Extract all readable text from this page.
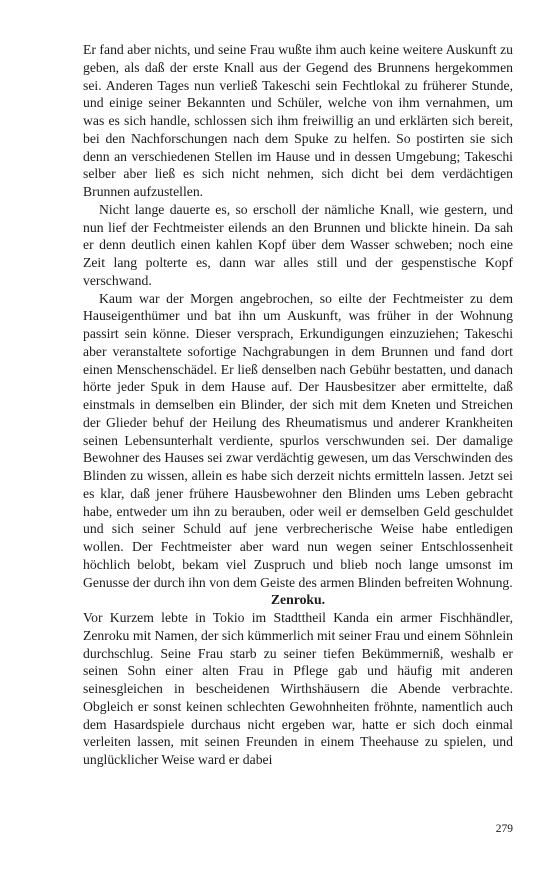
Er fand aber nichts, und seine Frau wußte ihm auch keine weitere Auskunft zu geben, als daß der erste Knall aus der Gegend des Brunnens hergekommen sei. Anderen Tages nun verließ Takeschi sein Fechtlokal zu früherer Stunde, und einige seiner Bekannten und Schüler, welche von ihm vernahmen, um was es sich handle, schlossen sich ihm freiwillig an und erklärten sich bereit, bei den Nachforschungen nach dem Spuke zu helfen. So postirten sie sich denn an verschiedenen Stellen im Hause und in dessen Umgebung; Takeschi selber aber ließ es sich nicht nehmen, sich dicht bei dem verdächtigen Brunnen aufzustellen.

Nicht lange dauerte es, so erscholl der nämliche Knall, wie gestern, und nun lief der Fechtmeister eilends an den Brunnen und blickte hinein. Da sah er denn deutlich einen kahlen Kopf über dem Wasser schweben; noch eine Zeit lang polterte es, dann war alles still und der gespenstische Kopf verschwand.

Kaum war der Morgen angebrochen, so eilte der Fechtmeister zu dem Hauseigenthümer und bat ihn um Auskunft, was früher in der Wohnung passirt sein könne. Dieser versprach, Erkundigungen einzuziehen; Takeschi aber veranstaltete sofortige Nachgrabungen in dem Brunnen und fand dort einen Menschenschädel. Er ließ denselben nach Gebühr bestatten, und danach hörte jeder Spuk in dem Hause auf. Der Hausbesitzer aber ermittelte, daß einstmals in demselben ein Blinder, der sich mit dem Kneten und Streichen der Glieder behuf der Heilung des Rheumatismus und anderer Krankheiten seinen Lebensunterhalt verdiente, spurlos verschwunden sei. Der damalige Bewohner des Hauses sei zwar verdächtig gewesen, um das Verschwinden des Blinden zu wissen, allein es habe sich derzeit nichts ermitteln lassen. Jetzt sei es klar, daß jener frühere Hausbewohner den Blinden ums Leben gebracht habe, entweder um ihn zu berauben, oder weil er demselben Geld geschuldet und sich seiner Schuld auf jene verbrecherische Weise habe entledigen wollen. Der Fechtmeister aber ward nun wegen seiner Entschlossenheit höchlich belobt, bekam viel Zuspruch und blieb noch lange umsonst im Genusse der durch ihn von dem Geiste des armen Blinden befreiten Wohnung.

Zenroku.

Vor Kurzem lebte in Tokio im Stadttheil Kanda ein armer Fischhändler, Zenroku mit Namen, der sich kümmerlich mit seiner Frau und einem Söhnlein durchschlug. Seine Frau starb zu seiner tiefen Bekümmerniß, weshalb er seinen Sohn einer alten Frau in Pflege gab und häufig mit anderen seinesgleichen in bescheidenen Wirthshäusern die Abende verbrachte. Obgleich er sonst keinen schlechten Gewohnheiten fröhnte, namentlich auch dem Hasardspiele durchaus nicht ergeben war, hatte er sich doch einmal verleiten lassen, mit seinen Freunden in einem Theehause zu spielen, und unglücklicher Weise ward er dabei

279
